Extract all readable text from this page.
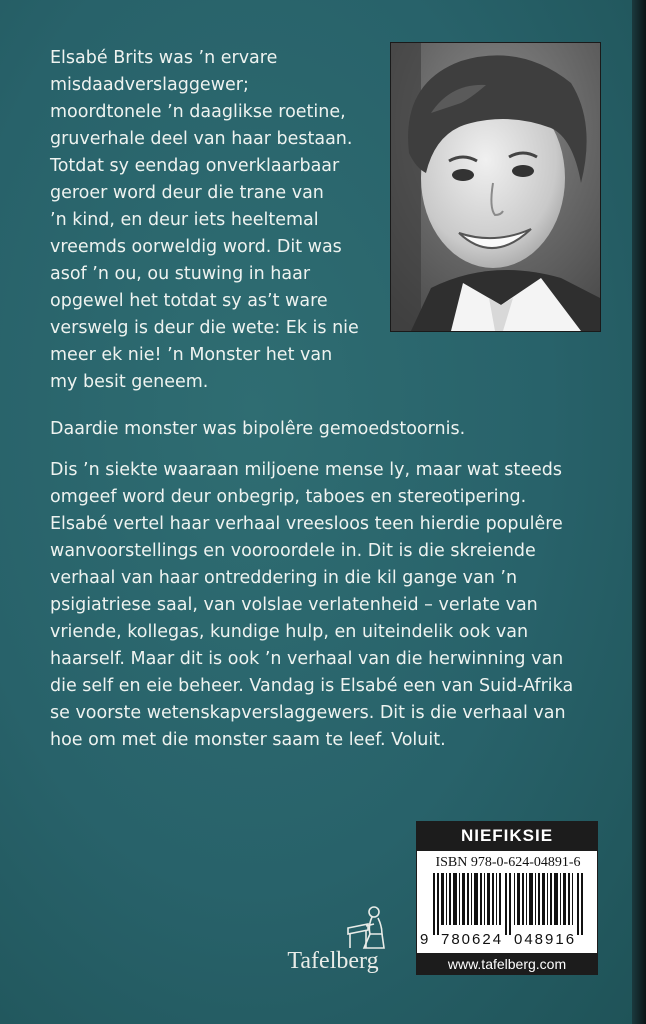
Elsabé Brits was ’n ervare
misdaadverslaggewer;
moordtonele ’n daaglikse roetine,
gruverhale deel van haar bestaan.
Totdat sy eendag onverklaarbaar
geroer word deur die trane van
’n kind, en deur iets heeltemal
vreemds oorweldig word. Dit was
asof ’n ou, ou stuwing in haar
opgewel het totdat sy as’t ware
verswelg is deur die wete: Ek is nie
meer ek nie! ’n Monster het van
my besit geneem.

Daardie monster was bipolêre gemoedstoornis.

Dis ’n siekte waaraan miljoene mense ly, maar wat steeds
omgeef word deur onbegrip, taboes en stereotipering.
Elsabé vertel haar verhaal vreesloos teen hierdie populêre
wanvoorstellings en vooroordele in. Dit is die skreiende
verhaal van haar ontreddering in die kil gange van ’n
psigiatriese saal, van volslae verlatenheid – verlate van
vriende, kollegas, kundige hulp, en uiteindelik ook van
haarself. Maar dit is ook ’n verhaal van die herwinning van
die self en eie beheer. Vandag is Elsabé een van Suid-Afrika
se voorste wetenskapverslaggewers. Dit is die verhaal van
hoe om met die monster saam te leef. Voluit.

NIEFIKSIE
ISBN 978-0-624-04891-6
9 780624 048916
www.tafelberg.com
Tafelberg
